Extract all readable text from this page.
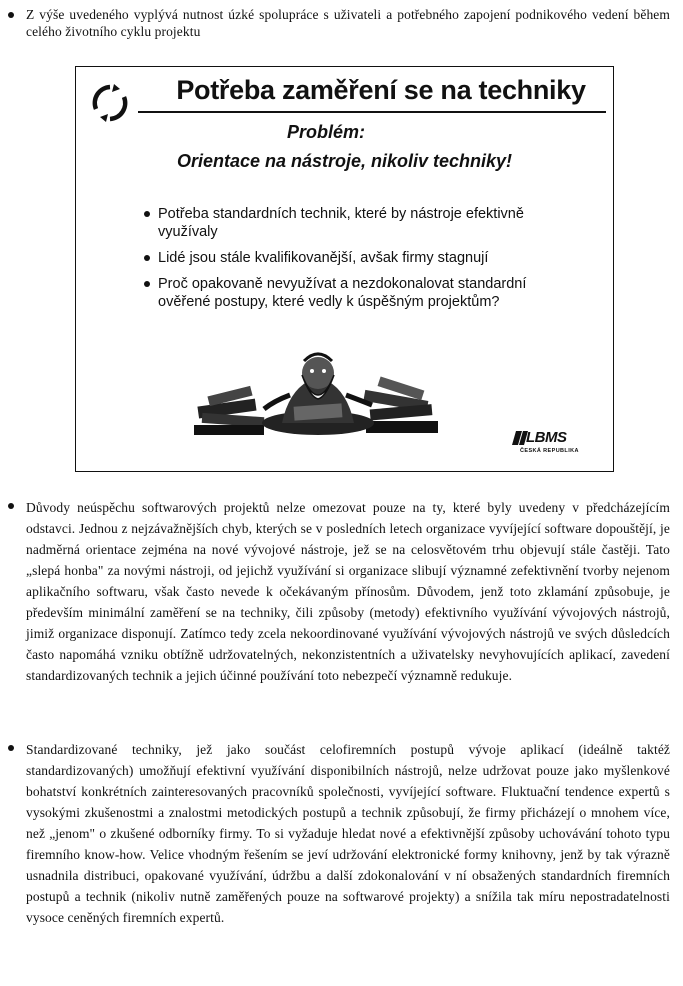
Z výše uvedeného vyplývá nutnost úzké spolupráce s uživateli a potřebného zapojení podnikového vedení během celého životního cyklu projektu
Potřeba zaměření se na techniky
Problém:
Orientace na nástroje, nikoliv techniky!
Potřeba standardních technik, které by nástroje efektivně využívaly
Lidé jsou stále kvalifikovanější, avšak firmy stagnují
Proč opakovaně nevyužívat a nezdokonalovat standardní ověřené postupy, které vedly k úspěšným projektům?
LBMS
ČESKÁ REPUBLIKA
Důvody neúspěchu softwarových projektů nelze omezovat pouze na ty, které byly uvedeny v předcházejícím odstavci. Jednou z nejzávažnějších chyb, kterých se v posledních letech organizace vyvíjející software dopouštějí, je nadměrná orientace zejména na nové vývojové nástroje, jež se na celosvětovém trhu objevují stále častěji. Tato „slepá honba" za novými nástroji, od jejichž využívání si organizace slibují významné zefektivnění tvorby nejenom aplikačního softwaru, však často nevede k očekávaným přínosům. Důvodem, jenž toto zklamání způsobuje, je především minimální zaměření se na techniky, čili způsoby (metody) efektivního využívání vývojových nástrojů, jimiž organizace disponují. Zatímco tedy zcela nekoordinované využívání vývojových nástrojů ve svých důsledcích často napomáhá vzniku obtížně udržovatelných, nekonzistentních a uživatelsky nevyhovujících aplikací, zavedení standardizovaných technik a jejich účinné používání toto nebezpečí významně redukuje.
Standardizované techniky, jež jako součást celofiremních postupů vývoje aplikací (ideálně taktéž standardizovaných) umožňují efektivní využívání disponibilních nástrojů, nelze udržovat pouze jako myšlenkové bohatství konkrétních zainteresovaných pracovníků společnosti, vyvíjející software. Fluktuační tendence expertů s vysokými zkušenostmi a znalostmi metodických postupů a technik způsobují, že firmy přicházejí o mnohem více, než „jenom" o zkušené odborníky firmy. To si vyžaduje hledat nové a efektivnější způsoby uchovávání tohoto typu firemního know-how. Velice vhodným řešením se jeví udržování elektronické formy knihovny, jenž by tak výrazně usnadnila distribuci, opakované využívání, údržbu a další zdokonalování v ní obsažených standardních firemních postupů a technik (nikoliv nutně zaměřených pouze na softwarové projekty) a snížila tak míru nepostradatelnosti vysoce ceněných firemních expertů.
